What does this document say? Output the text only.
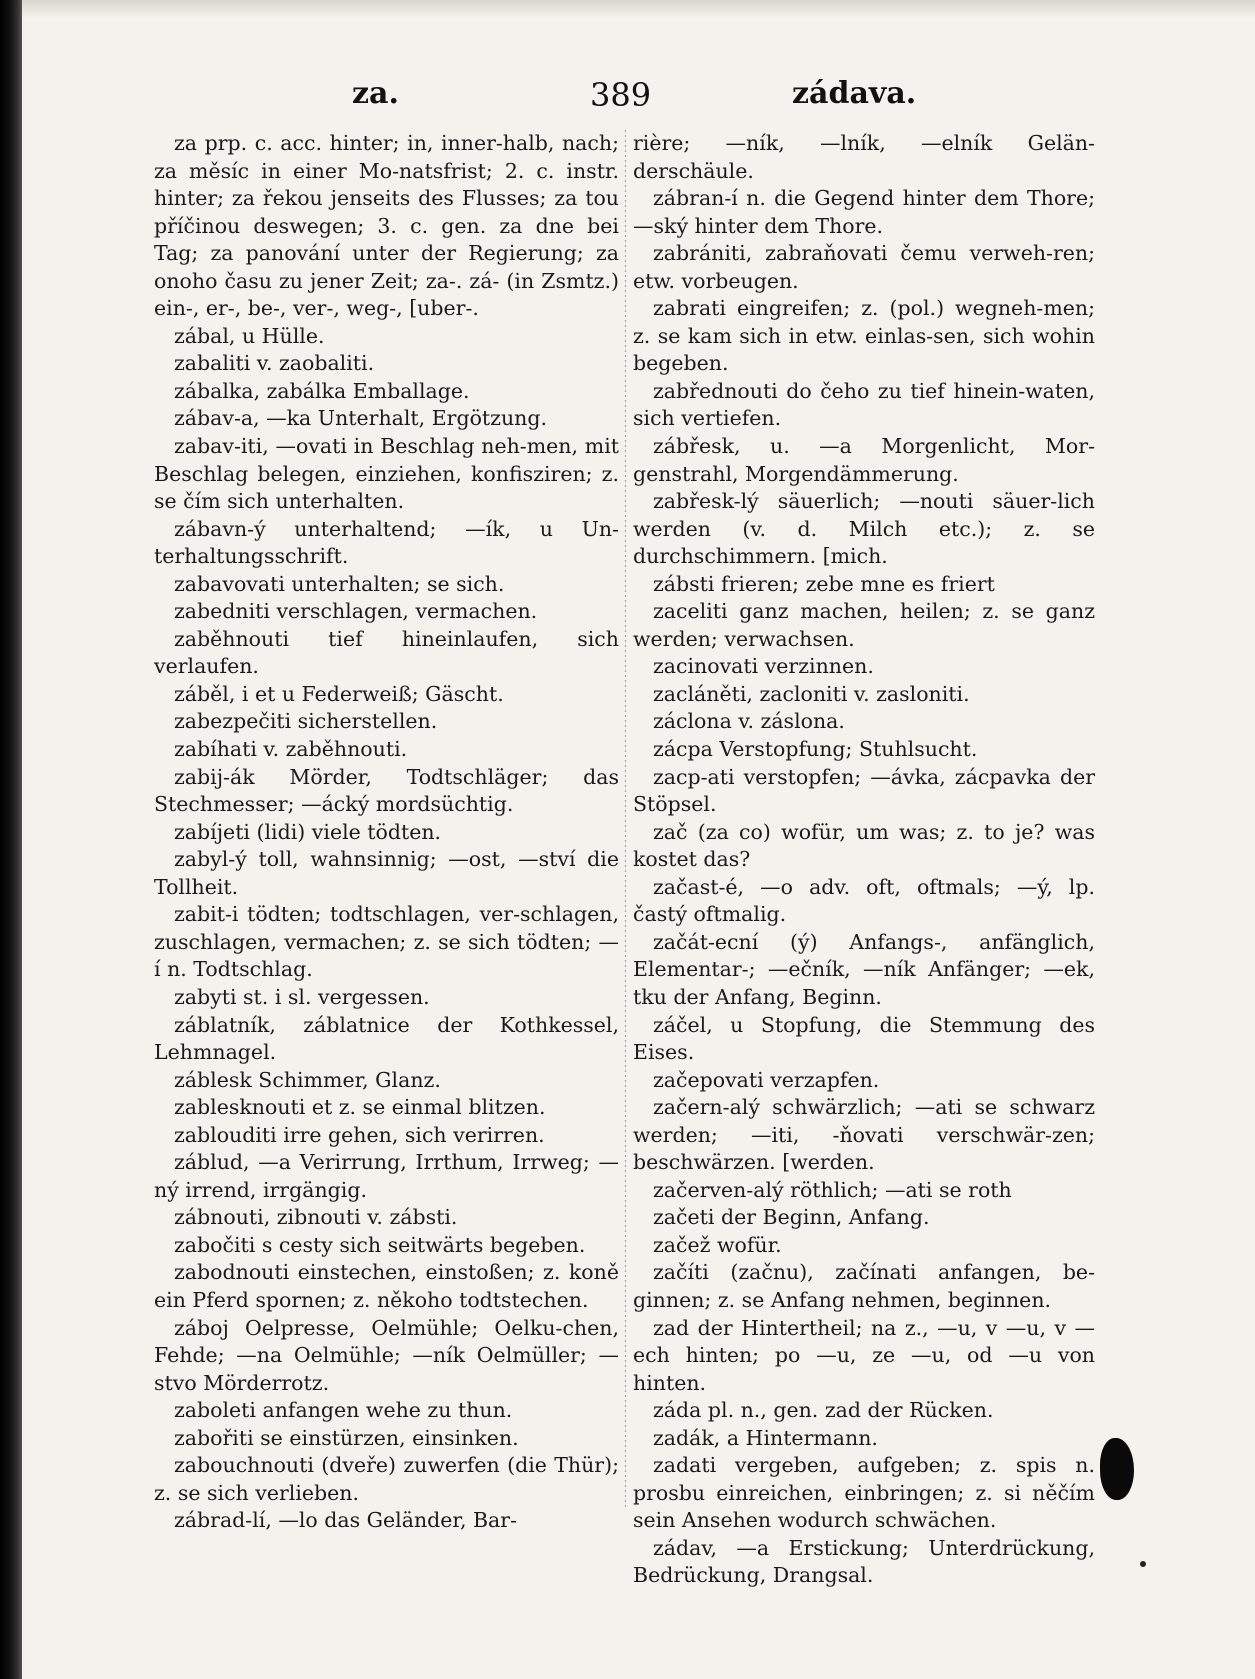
za.	389	zádava.

za prp. c. acc. hinter; in, inner-halb, nach; za měsíc in einer Mo-natsfrist; 2. c. instr. hinter; za řekou jenseits des Flusses; za tou příčinou deswegen; 3. c. gen. za dne bei Tag; za panování unter der Regierung; za onoho času zu jener Zeit; za-. zá- (in Zsmtz.) ein-, er-, be-, ver-, weg-, [uber-.

zábal, u Hülle.

zabaliti v. zaobaliti.

zábalka, zabálka Emballage.

zábav-a, —ka Unterhalt, Ergötzung.

zabav-iti, —ovati in Beschlag neh-men, mit Beschlag belegen, einziehen, konfisziren; z. se čím sich unterhalten.

zábavn-ý unterhaltend; —ík, u Un-terhaltungsschrift.

zabavovati unterhalten; se sich.

zabedniti verschlagen, vermachen.

zaběhnouti tief hineinlaufen, sich verlaufen.

záběl, i et u Federweiß; Gäscht.

zabezpečiti sicherstellen.

zabíhati v. zaběhnouti.

zabij-ák Mörder, Todtschläger; das Stechmesser; —ácký mordsüchtig.

zabíjeti (lidi) viele tödten.

zabyl-ý toll, wahnsinnig; —ost, —ství die Tollheit.

zabit-i tödten; todtschlagen, ver-schlagen, zuschlagen, vermachen; z. se sich tödten; —í n. Todtschlag.

zabyti st. i sl. vergessen.

záblatník, záblatnice der Kothkessel, Lehmnagel.

záblesk Schimmer, Glanz.

zablesknouti et z. se einmal blitzen.

zablouditi irre gehen, sich verirren.

záblud, —a Verirrung, Irrthum, Irrweg; —ný irrend, irrgängig.

zábnouti, zibnouti v. zábsti.

zabočiti s cesty sich seitwärts begeben.

zabodnouti einstechen, einstoßen; z. koně ein Pferd spornen; z. někoho todtstechen.

záboj Oelpresse, Oelmühle; Oelku-chen, Fehde; —na Oelmühle; —ník Oelmüller; —stvo Mörderrotz.

zaboleti anfangen wehe zu thun.

zabořiti se einstürzen, einsinken.

zabouchnouti (dveře) zuwerfen (die Thür); z. se sich verlieben.

zábrad-lí, —lo das Geländer, Bar-

rière; —ník, —lník, —elník Gelän-derschäule.

zábran-í n. die Gegend hinter dem Thore; —ský hinter dem Thore.

zabrániti, zabraňovati čemu verweh-ren; etw. vorbeugen.

zabrati eingreifen; z. (pol.) wegneh-men; z. se kam sich in etw. einlas-sen, sich wohin begeben.

zabřednouti do čeho zu tief hinein-waten, sich vertiefen.

zábřesk, u. —a Morgenlicht, Mor-genstrahl, Morgendämmerung.

zabřesk-lý säuerlich; —nouti säuer-lich werden (v. d. Milch etc.); z. se durchschimmern. [mich.

zábsti frieren; zebe mne es friert

zaceliti ganz machen, heilen; z. se ganz werden; verwachsen.

zacinovati verzinnen.

zacláněti, zacloniti v. zasloniti.

záclona v. záslona.

zácpa Verstopfung; Stuhlsucht.

zacp-ati verstopfen; —ávka, zácpavka der Stöpsel.

zač (za co) wofür, um was; z. to je? was kostet das?

začast-é, —o adv. oft, oftmals; —ý, lp. častý oftmalig.

začát-ecní (ý) Anfangs-, anfänglich, Elementar-; —ečník, —ník Anfänger; —ek, tku der Anfang, Beginn.

záčel, u Stopfung, die Stemmung des Eises.

začepovati verzapfen.

začern-alý schwärzlich; —ati se schwarz werden; —iti, -ňovati verschwär-zen; beschwärzen. [werden.

začerven-alý röthlich; —ati se roth

začeti der Beginn, Anfang.

začež wofür.

začíti (začnu), začínati anfangen, be-ginnen; z. se Anfang nehmen, beginnen.

zad der Hintertheil; na z., —u, v —u, v —ech hinten; po —u, ze —u, od —u von hinten.

záda pl. n., gen. zad der Rücken.

zadák, a Hintermann.

zadati vergeben, aufgeben; z. spis n. prosbu einreichen, einbringen; z. si něčím sein Ansehen wodurch schwächen.

zádav, —a Erstickung; Unterdrückung, Bedrückung, Drangsal.
